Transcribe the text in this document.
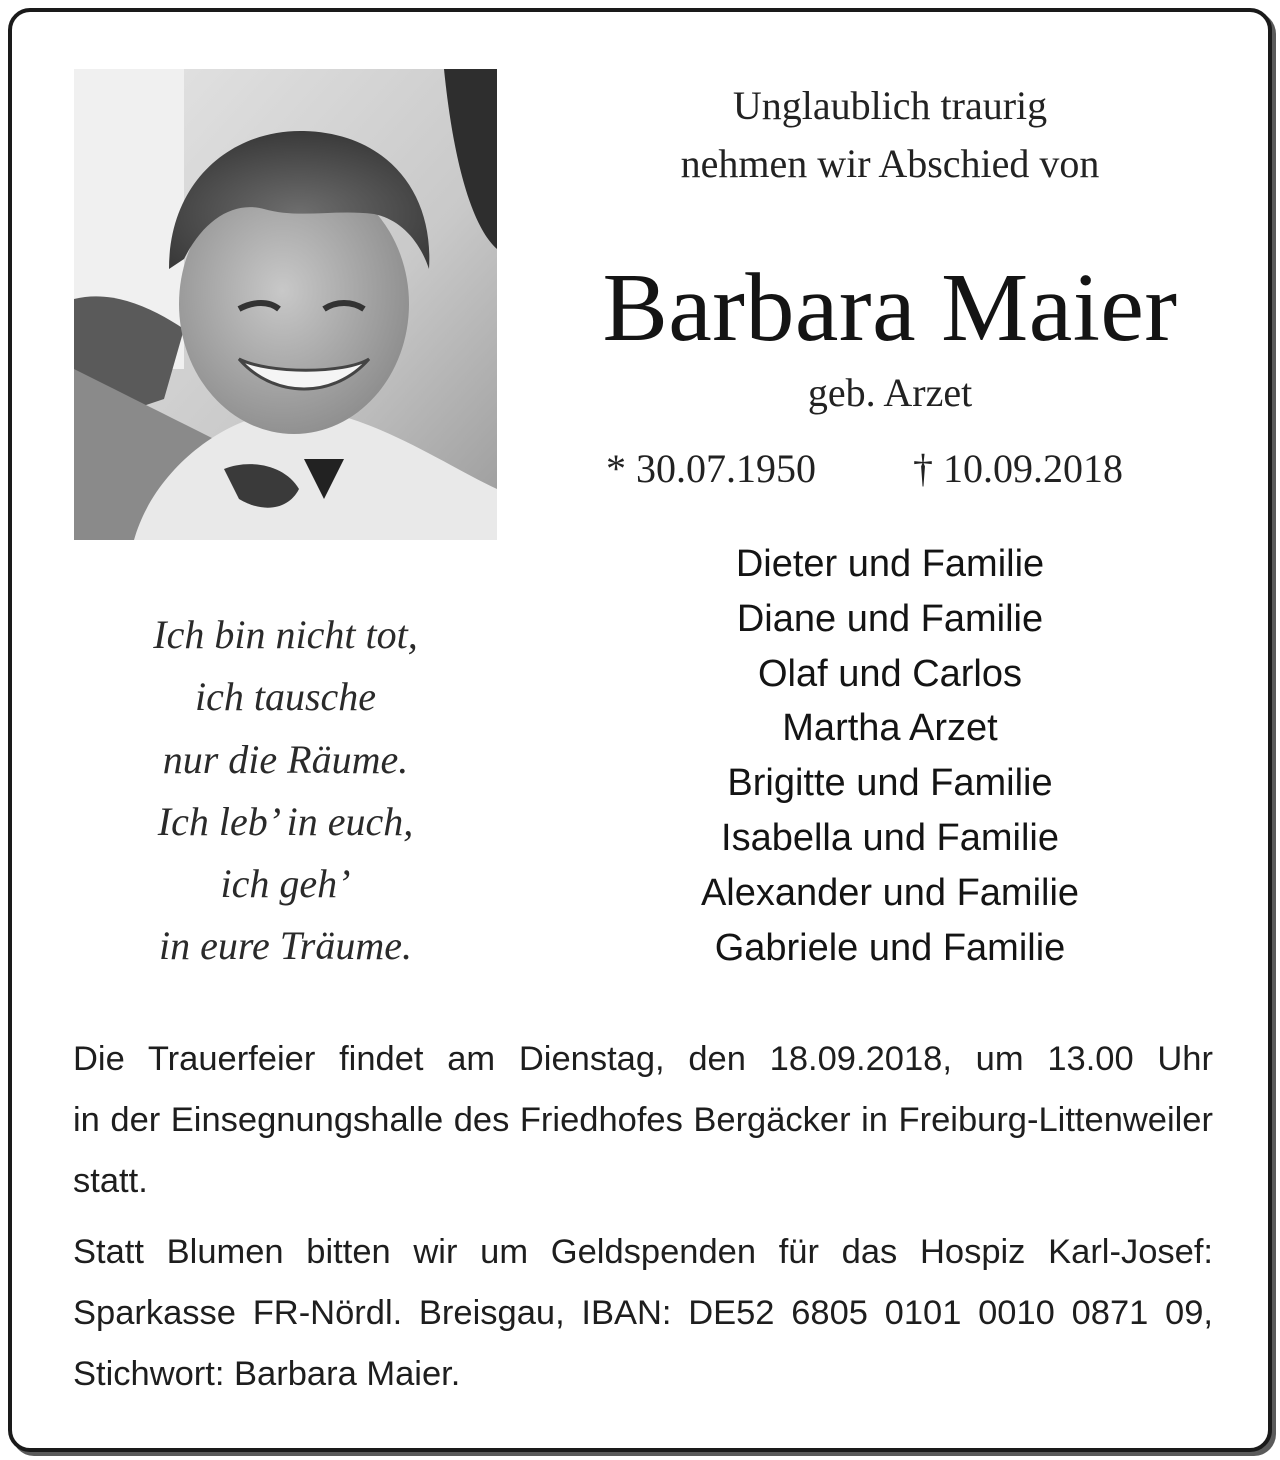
Unglaublich traurig
nehmen wir Abschied von
Barbara Maier
geb. Arzet
* 30.07.1950 † 10.09.2018
Dieter und Familie
Diane und Familie
Olaf und Carlos
Martha Arzet
Brigitte und Familie
Isabella und Familie
Alexander und Familie
Gabriele und Familie
Ich bin nicht tot,
ich tausche
nur die Räume.
Ich leb’ in euch,
ich geh’
in eure Träume.

Die Trauerfeier findet am Dienstag, den 18.09.2018, um 13.00 Uhr
in der Einsegnungshalle des Friedhofes Bergäcker in Freiburg-Littenweiler
statt.

Statt Blumen bitten wir um Geldspenden für das Hospiz Karl-Josef:
Sparkasse FR-Nördl. Breisgau, IBAN: DE52 6805 0101 0010 0871 09,
Stichwort: Barbara Maier.
